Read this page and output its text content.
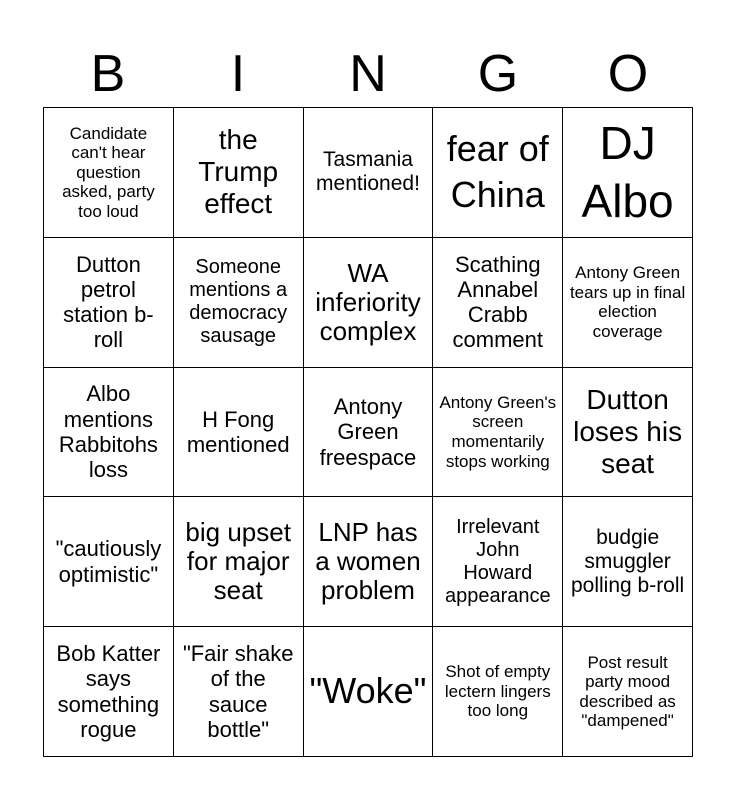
B	I	N	G	O
Candidate can't hear question asked, party too loud
the Trump effect
Tasmania mentioned!
fear of China
DJ Albo
Dutton petrol station b-roll
Someone mentions a democracy sausage
WA inferiority complex
Scathing Annabel Crabb comment
Antony Green tears up in final election coverage
Albo mentions Rabbitohs loss
H Fong mentioned
Antony Green freespace
Antony Green's screen momentarily stops working
Dutton loses his seat
"cautiously optimistic"
big upset for major seat
LNP has a women problem
Irrelevant John Howard appearance
budgie smuggler polling b-roll
Bob Katter says something rogue
"Fair shake of the sauce bottle"
"Woke"	Shot of empty lectern lingers too long
Post result party mood described as "dampened"
